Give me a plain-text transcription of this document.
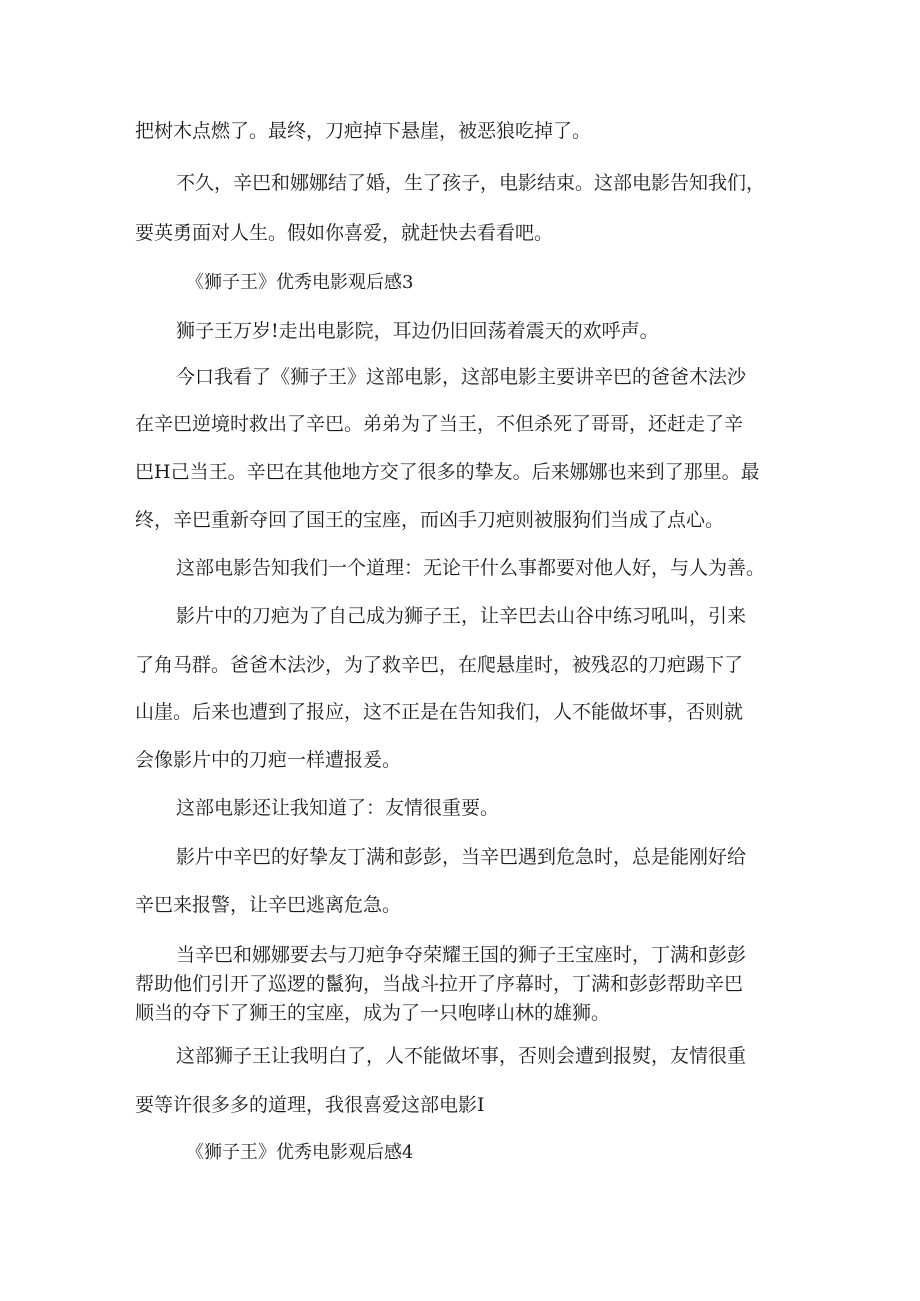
把树木点燃了。最终，刀疤掉下悬崖，被恶狼吃掉了。

不久，辛巴和娜娜结了婚，生了孩子，电影结束。这部电影告知我们，

要英勇面对人生。假如你喜爱，就赶快去看看吧。

《狮子王》优秀电影观后感3

狮子王万岁!走出电影院，耳边仍旧回荡着震天的欢呼声。

今口我看了《狮子王》这部电影，这部电影主要讲辛巴的爸爸木法沙

在辛巴逆境时救出了辛巴。弟弟为了当王，不但杀死了哥哥，还赶走了辛

巴H己当王。辛巴在其他地方交了很多的挚友。后来娜娜也来到了那里。最

终，辛巴重新夺回了国王的宝座，而凶手刀疤则被服狗们当成了点心。

这部电影告知我们一个道理：无论干什么事都要对他人好，与人为善。

影片中的刀疤为了自己成为狮子王，让辛巴去山谷中练习吼叫，引来

了角马群。爸爸木法沙，为了救辛巴，在爬悬崖时，被残忍的刀疤踢下了

山崖。后来也遭到了报应，这不正是在告知我们，人不能做坏事，否则就

会像影片中的刀疤一样遭报爰。

这部电影还让我知道了：友情很重要。

影片中辛巴的好挚友丁满和彭彭，当辛巴遇到危急时，总是能刚好给

辛巴来报警，让辛巴逃离危急。

当辛巴和娜娜要去与刀疤争夺荣耀王国的狮子王宝座时，丁满和彭彭

帮助他们引开了巡逻的鬣狗，当战斗拉开了序幕时，丁满和彭彭帮助辛巴

顺当的夺下了狮王的宝座，成为了一只咆哮山林的雄狮。

这部狮子王让我明白了，人不能做坏事，否则会遭到报熨，友情很重

要等许很多多的道理，我很喜爱这部电影I

《狮子王》优秀电影观后感4
